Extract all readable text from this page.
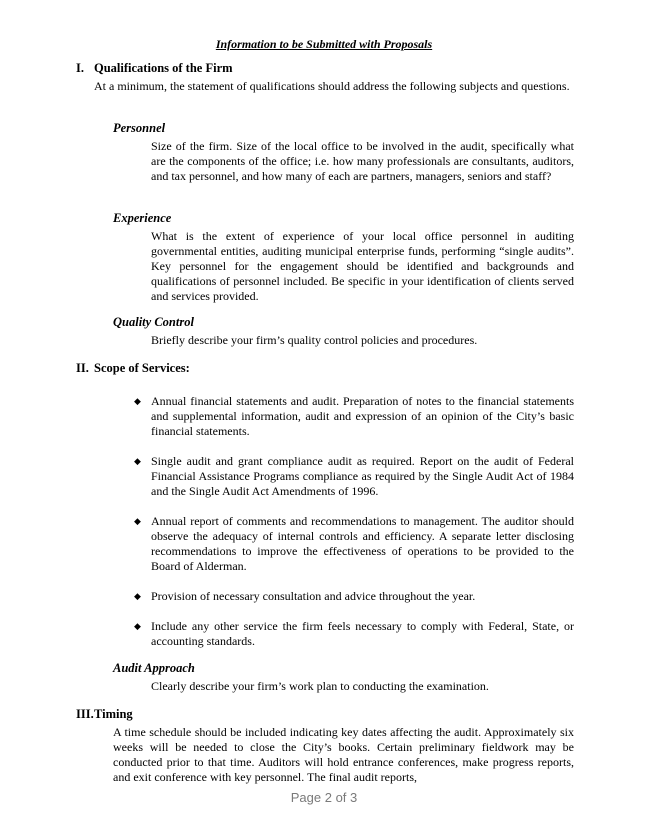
Information to be Submitted with Proposals
I. Qualifications of the Firm
At a minimum, the statement of qualifications should address the following subjects and questions.
Personnel
Size of the firm. Size of the local office to be involved in the audit, specifically what are the components of the office; i.e. how many professionals are consultants, auditors, and tax personnel, and how many of each are partners, managers, seniors and staff?
Experience
What is the extent of experience of your local office personnel in auditing governmental entities, auditing municipal enterprise funds, performing “single audits”. Key personnel for the engagement should be identified and backgrounds and qualifications of personnel included. Be specific in your identification of clients served and services provided.
Quality Control
Briefly describe your firm’s quality control policies and procedures.
II. Scope of Services:
◆ Annual financial statements and audit. Preparation of notes to the financial statements and supplemental information, audit and expression of an opinion of the City’s basic financial statements.
◆ Single audit and grant compliance audit as required. Report on the audit of Federal Financial Assistance Programs compliance as required by the Single Audit Act of 1984 and the Single Audit Act Amendments of 1996.
◆ Annual report of comments and recommendations to management. The auditor should observe the adequacy of internal controls and efficiency. A separate letter disclosing recommendations to improve the effectiveness of operations to be provided to the Board of Alderman.
◆ Provision of necessary consultation and advice throughout the year.
◆ Include any other service the firm feels necessary to comply with Federal, State, or accounting standards.
Audit Approach
Clearly describe your firm’s work plan to conducting the examination.
III.Timing
A time schedule should be included indicating key dates affecting the audit. Approximately six weeks will be needed to close the City’s books. Certain preliminary fieldwork may be conducted prior to that time. Auditors will hold entrance conferences, make progress reports, and exit conference with key personnel. The final audit reports,
Page 2 of 3
